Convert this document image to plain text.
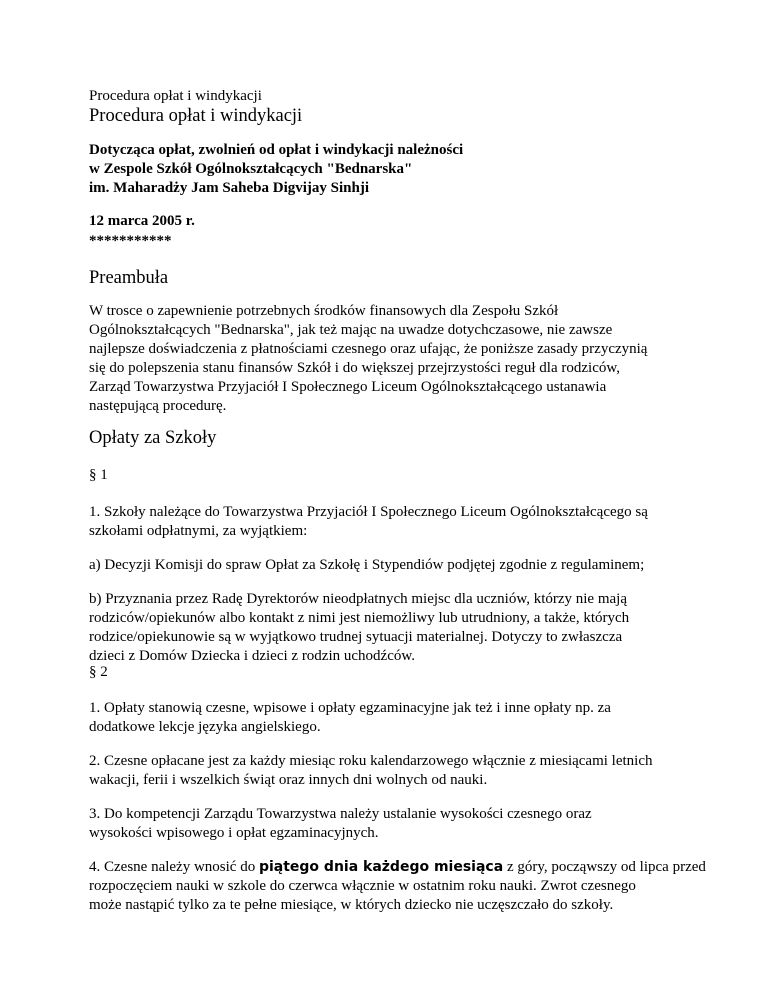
Procedura opłat i windykacji
Procedura opłat i windykacji
Dotycząca opłat, zwolnień od opłat i windykacji należności
w Zespole Szkół Ogólnokształcących "Bednarska"
im. Maharadży Jam Saheba Digvijay Sinhji
12 marca 2005 r.
***********
Preambuła
W trosce o zapewnienie potrzebnych środków finansowych dla Zespołu Szkół
Ogólnokształcących "Bednarska", jak też mając na uwadze dotychczasowe, nie zawsze
najlepsze doświadczenia z płatnościami czesnego oraz ufając, że poniższe zasady przyczynią
się do polepszenia stanu finansów Szkół i do większej przejrzystości reguł dla rodziców,
Zarząd Towarzystwa Przyjaciół I Społecznego Liceum Ogólnokształcącego ustanawia
następującą procedurę.
Opłaty za Szkoły
§ 1
1. Szkoły należące do Towarzystwa Przyjaciół I Społecznego Liceum Ogólnokształcącego są
szkołami odpłatnymi, za wyjątkiem:
a) Decyzji Komisji do spraw Opłat za Szkołę i Stypendiów podjętej zgodnie z regulaminem;
b) Przyznania przez Radę Dyrektorów nieodpłatnych miejsc dla uczniów, którzy nie mają
rodziców/opiekunów albo kontakt z nimi jest niemożliwy lub utrudniony, a także, których
rodzice/opiekunowie są w wyjątkowo trudnej sytuacji materialnej. Dotyczy to zwłaszcza
dzieci z Domów Dziecka i dzieci z rodzin uchodźców.
§ 2
1. Opłaty stanowią czesne, wpisowe i opłaty egzaminacyjne jak też i inne opłaty np. za
dodatkowe lekcje języka angielskiego.
2. Czesne opłacane jest za każdy miesiąc roku kalendarzowego włącznie z miesiącami letnich
wakacji, ferii i wszelkich świąt oraz innych dni wolnych od nauki.
3. Do kompetencji Zarządu Towarzystwa należy ustalanie wysokości czesnego oraz
wysokości wpisowego i opłat egzaminacyjnych.
4. Czesne należy wnosić do piątego dnia każdego miesiąca z góry, począwszy od lipca przed
rozpoczęciem nauki w szkole do czerwca włącznie w ostatnim roku nauki. Zwrot czesnego
może nastąpić tylko za te pełne miesiące, w których dziecko nie uczęszczało do szkoły.
